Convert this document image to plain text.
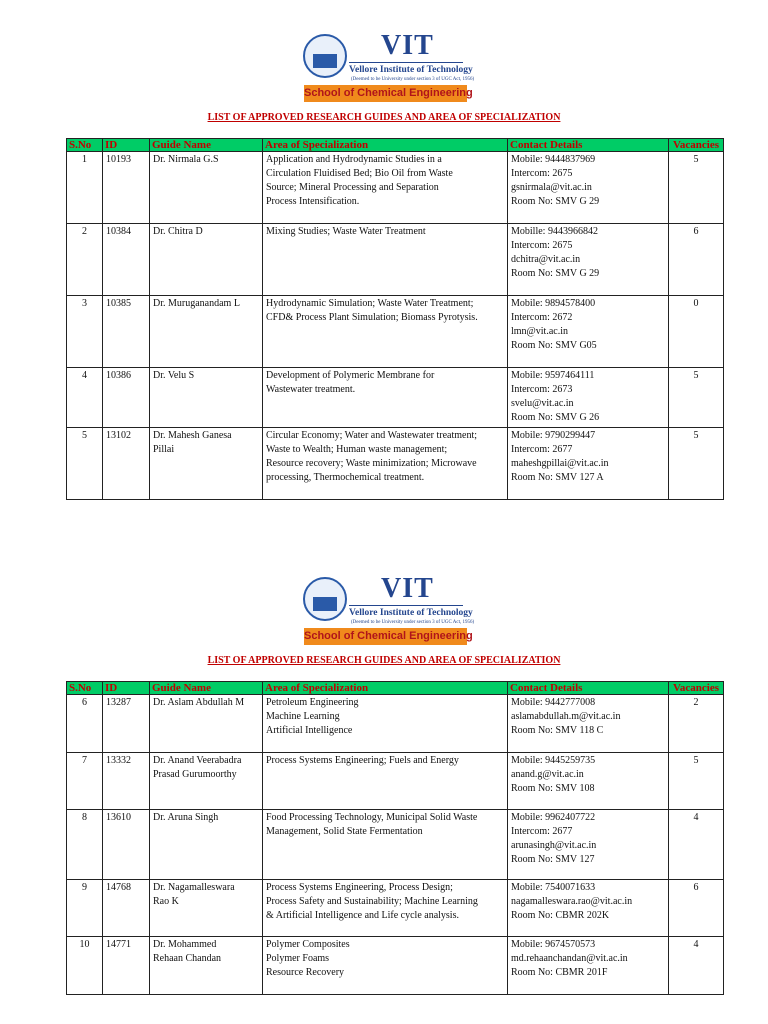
VIT
Vellore Institute of Technology
(Deemed to be University under section 3 of UGC Act, 1956)
School of Chemical Engineering
LIST OF APPROVED RESEARCH GUIDES AND AREA OF SPECIALIZATION
S.No	ID	Guide Name	Area of Specialization	Contact Details	Vacancies
1	10193	Dr. Nirmala G.S	Application and Hydrodynamic Studies in a
Circulation Fluidised Bed; Bio Oil from Waste
Source; Mineral Processing and Separation
Process Intensification.	Mobile: 9444837969
Intercom: 2675
gsnirmala@vit.ac.in
Room No: SMV G 29	5
2	10384	Dr. Chitra D	Mixing Studies; Waste Water Treatment	Mobille: 9443966842
Intercom: 2675
dchitra@vit.ac.in
Room No: SMV G 29	6
3	10385	Dr. Muruganandam L	Hydrodynamic Simulation; Waste Water Treatment;
CFD& Process Plant Simulation; Biomass Pyrotysis.	Mobile: 9894578400
Intercom: 2672
lmn@vit.ac.in
Room No: SMV G05	0
4	10386	Dr. Velu S	Development of Polymeric Membrane for
Wastewater treatment.	Mobile: 9597464111
Intercom: 2673
svelu@vit.ac.in
Room No: SMV G 26	5
5	13102	Dr. Mahesh Ganesa
Pillai	Circular Economy; Water and Wastewater treatment;
Waste to Wealth; Human waste management;
Resource recovery; Waste minimization; Microwave
processing, Thermochemical treatment.	Mobile: 9790299447
Intercom: 2677
maheshgpillai@vit.ac.in
Room No: SMV 127 A	5
VIT
Vellore Institute of Technology
(Deemed to be University under section 3 of UGC Act, 1956)
School of Chemical Engineering
LIST OF APPROVED RESEARCH GUIDES AND AREA OF SPECIALIZATION
S.No	ID	Guide Name	Area of Specialization	Contact Details	Vacancies
6	13287	Dr. Aslam Abdullah M	Petroleum Engineering
Machine Learning
Artificial Intelligence	Mobile: 9442777008
aslamabdullah.m@vit.ac.in
Room No: SMV 118 C	2
7	13332	Dr. Anand Veerabadra
Prasad Gurumoorthy	Process Systems Engineering; Fuels and Energy	Mobile: 9445259735
anand.g@vit.ac.in
Room No: SMV 108	5
8	13610	Dr. Aruna Singh	Food Processing Technology, Municipal Solid Waste
Management, Solid State Fermentation	Mobile: 9962407722
Intercom: 2677
arunasingh@vit.ac.in
Room No: SMV 127	4
9	14768	Dr. Nagamalleswara
Rao K	Process Systems Engineering, Process Design;
Process Safety and Sustainability; Machine Learning
& Artificial Intelligence and Life cycle analysis.	Mobile: 7540071633
nagamalleswara.rao@vit.ac.in
Room No: CBMR 202K	6
10	14771	Dr. Mohammed
Rehaan Chandan	Polymer Composites
Polymer Foams
Resource Recovery	Mobile: 9674570573
md.rehaanchandan@vit.ac.in
Room No: CBMR 201F	4
